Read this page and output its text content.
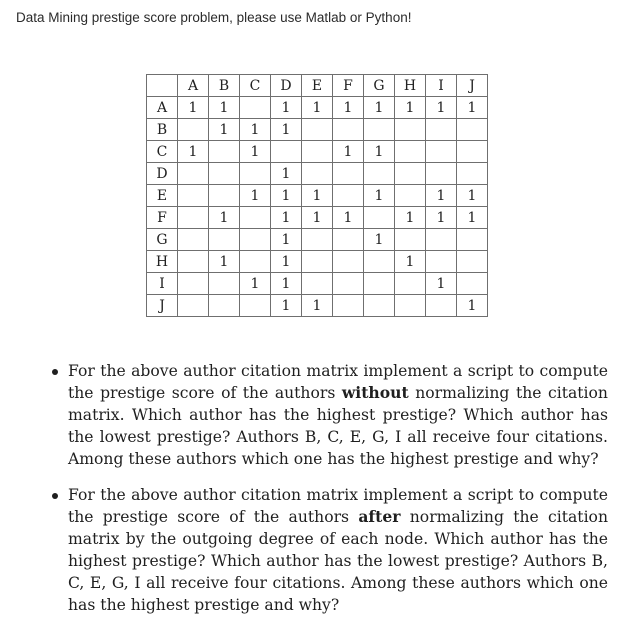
Data Mining prestige score problem, please use Matlab or Python!
	A	B	C	D	E	F	G	H	I	J
A	1	1		1	1	1	1	1	1	1
B		1	1	1						
C	1		1			1	1			
D				1						
E			1	1	1		1		1	1
F		1		1	1	1		1	1	1
G				1			1			
H		1		1				1		
I			1	1					1	
J				1	1					1
For the above author citation matrix implement a script to compute the prestige score of the authors without normalizing the citation matrix. Which author has the highest prestige? Which author has the lowest prestige? Authors B, C, E, G, I all receive four citations. Among these authors which one has the highest prestige and why?
For the above author citation matrix implement a script to compute the prestige score of the authors after normalizing the citation matrix by the outgoing degree of each node. Which author has the highest prestige? Which author has the lowest prestige? Authors B, C, E, G, I all receive four citations. Among these authors which one has the highest prestige and why?
